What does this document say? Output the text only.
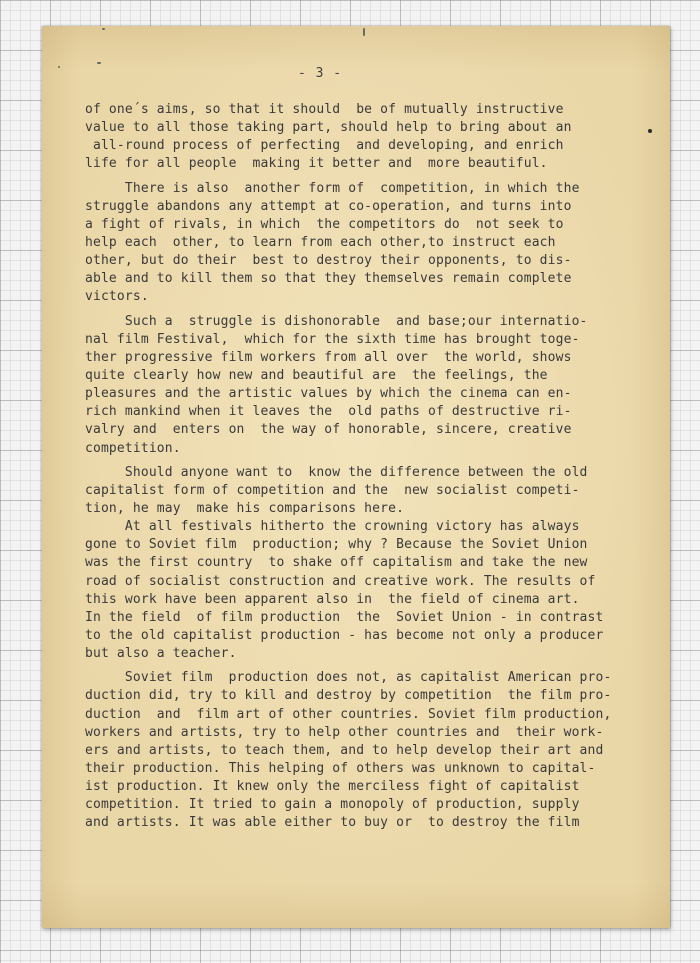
- 3 -
of one´s aims, so that it should  be of mutually instructive
value to all those taking part, should help to bring about an
all-round process of perfecting  and developing, and enrich
life for all people  making it better and  more beautiful.
There is also  another form of  competition, in which the
struggle abandons any attempt at co-operation, and turns into
a fight of rivals, in which  the competitors do  not seek to
help each  other, to learn from each other,to instruct each
other, but do their  best to destroy their opponents, to dis-
able and to kill them so that they themselves remain complete
victors.
Such a  struggle is dishonorable  and base;our internatio-
nal film Festival,  which for the sixth time has brought toge-
ther progressive film workers from all over  the world, shows
quite clearly how new and beautiful are  the feelings, the
pleasures and the artistic values by which the cinema can en-
rich mankind when it leaves the  old paths of destructive ri-
valry and  enters on  the way of honorable, sincere, creative
competition.
Should anyone want to  know the difference between the old
capitalist form of competition and the  new socialist competi-
tion, he may  make his comparisons here.
At all festivals hitherto the crowning victory has always
gone to Soviet film  production; why ? Because the Soviet Union
was the first country  to shake off capitalism and take the new
road of socialist construction and creative work. The results of
this work have been apparent also in  the field of cinema art.
In the field  of film production  the  Soviet Union - in contrast
to the old capitalist production - has become not only a producer
but also a teacher.
Soviet film  production does not, as capitalist American pro-
duction did, try to kill and destroy by competition  the film pro-
duction  and  film art of other countries. Soviet film production,
workers and artists, try to help other countries and  their work-
ers and artists, to teach them, and to help develop their art and
their production. This helping of others was unknown to capital-
ist production. It knew only the merciless fight of capitalist
competition. It tried to gain a monopoly of production, supply
and artists. It was able either to buy or  to destroy the film
